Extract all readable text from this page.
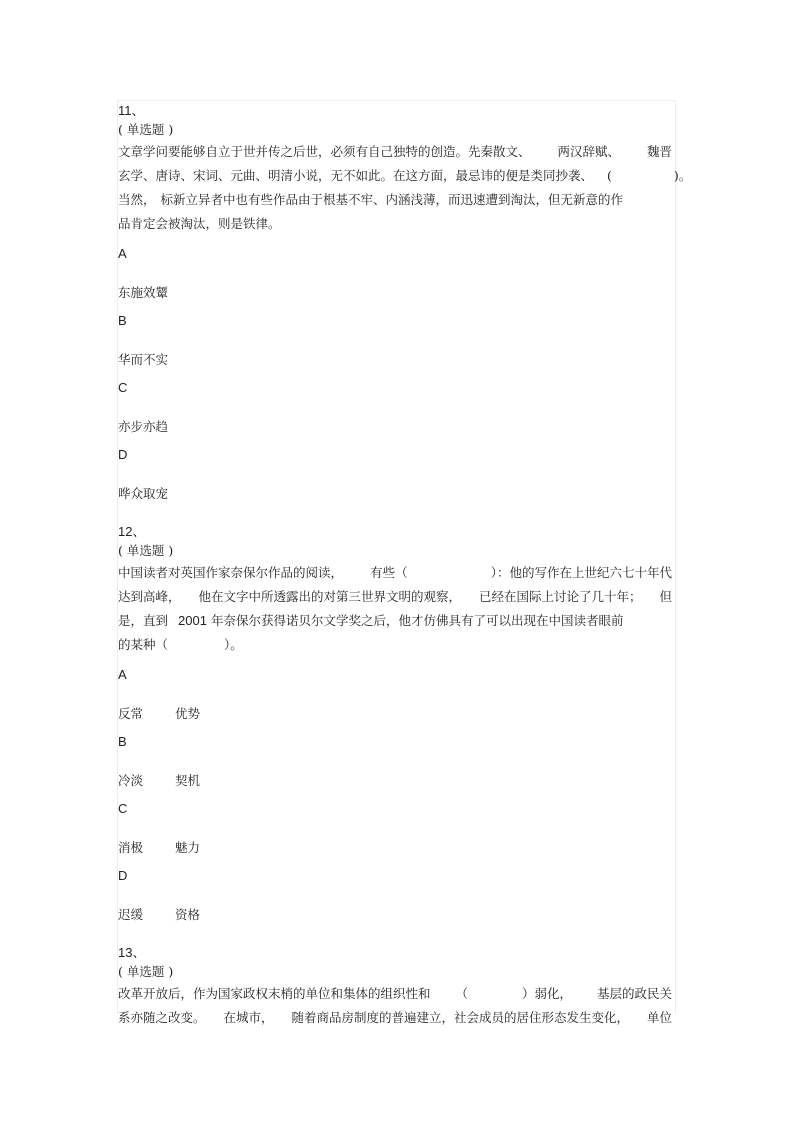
11、
( 单选题 )
文章学问要能够自立于世并传之后世，必须有自己独特的创造。先秦散文、 两汉辞赋、 魏晋
玄学、唐诗、宋词、元曲、明清小说，无不如此。在这方面，最忌讳的便是类同抄袭、 (	)。
当然， 标新立异者中也有些作品由于根基不牢、内涵浅薄，而迅速遭到淘汰，但无新意的作
品肯定会被淘汰，则是铁律。
A
东施效颦
B
华而不实
C
亦步亦趋
D
哗众取宠
12、
( 单选题 )
中国读者对英国作家奈保尔作品的阅读， 有些（	）：他的写作在上世纪六七十年代
达到高峰， 他在文字中所透露出的对第三世界文明的观察， 已经在国际上讨论了几十年； 但
是，直到 2001 年奈保尔获得诺贝尔文学奖之后，他才仿佛具有了可以出现在中国读者眼前
的某种（	）。
A
反常	优势
B
冷淡	契机
C
消极	魅力
D
迟缓	资格
13、
( 单选题 )
改革开放后，作为国家政权末梢的单位和集体的组织性和 （	）弱化， 基层的政民关
系亦随之改变。 在城市， 随着商品房制度的普遍建立，社会成员的居住形态发生变化， 单位
